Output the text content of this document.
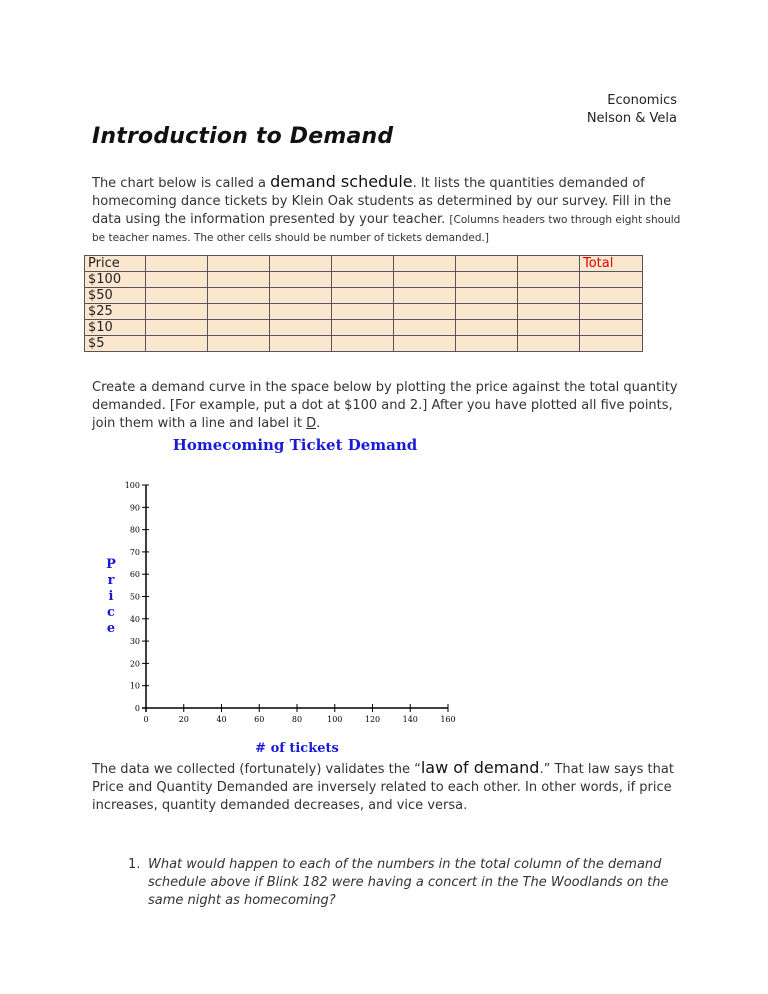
Economics
Nelson & Vela
Introduction to Demand

The chart below is called a demand schedule. It lists the quantities demanded of homecoming dance tickets by Klein Oak students as determined by our survey. Fill in the data using the information presented by your teacher. [Columns headers two through eight should be teacher names. The other cells should be number of tickets demanded.]

Price								Total
$100								
$50								
$25								
$10								
$5								

Create a demand curve in the space below by plotting the price against the total quantity demanded. [For example, put a dot at $100 and 2.] After you have plotted all five points, join them with a line and label it D.

Homecoming Ticket Demand
P
r
i
c
e
# of tickets
0
10
20
30
40
50
60
70
80
90
100
0	20	40	60	80	100	120	140	160

The data we collected (fortunately) validates the “law of demand.” That law says that Price and Quantity Demanded are inversely related to each other. In other words, if price increases, quantity demanded decreases, and vice versa.

1. What would happen to each of the numbers in the total column of the demand schedule above if Blink 182 were having a concert in the The Woodlands on the same night as homecoming?
